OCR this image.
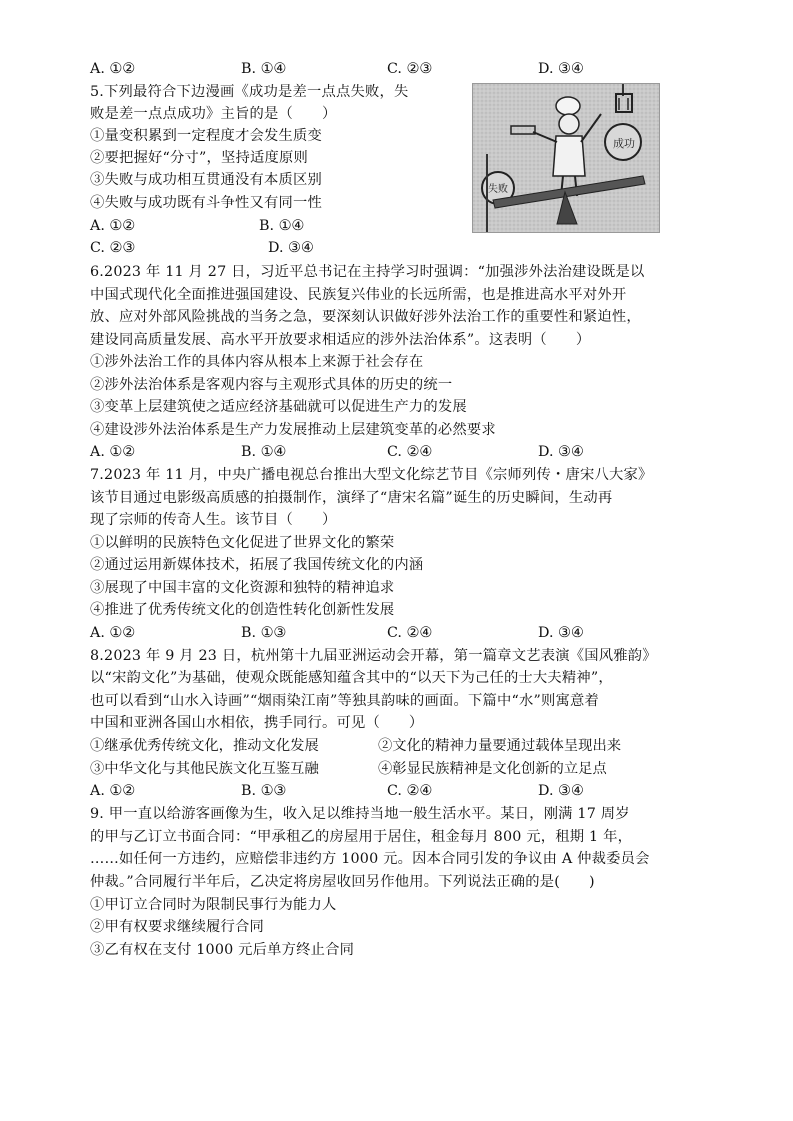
A. ①②	B. ①④	C. ②③	D. ③④
5.下列最符合下边漫画《成功是差一点点失败，失
败是差一点点成功》主旨的是（　　）
①量变积累到一定程度才会发生质变
②要把握好“分寸”，坚持适度原则
③失败与成功相互贯通没有本质区别
④失败与成功既有斗争性又有同一性
A. ①②	B. ①④
C. ②③	D. ③④
成功
失败
6.2023 年 11 月 27 日，习近平总书记在主持学习时强调：“加强涉外法治建设既是以
中国式现代化全面推进强国建设、民族复兴伟业的长远所需，也是推进高水平对外开
放、应对外部风险挑战的当务之急，要深刻认识做好涉外法治工作的重要性和紧迫性，
建设同高质量发展、高水平开放要求相适应的涉外法治体系”。这表明（　　）
①涉外法治工作的具体内容从根本上来源于社会存在
②涉外法治体系是客观内容与主观形式具体的历史的统一
③变革上层建筑使之适应经济基础就可以促进生产力的发展
④建设涉外法治体系是生产力发展推动上层建筑变革的必然要求
A. ①②	B. ①④	C. ②④	D. ③④
7.2023 年 11 月，中央广播电视总台推出大型文化综艺节目《宗师列传・唐宋八大家》
该节目通过电影级高质感的拍摄制作，演绎了“唐宋名篇”诞生的历史瞬间，生动再
现了宗师的传奇人生。该节目（　　）
①以鲜明的民族特色文化促进了世界文化的繁荣
②通过运用新媒体技术，拓展了我国传统文化的内涵
③展现了中国丰富的文化资源和独特的精神追求
④推进了优秀传统文化的创造性转化创新性发展
A. ①②	B. ①③	C. ②④	D. ③④
8.2023 年 9 月 23 日，杭州第十九届亚洲运动会开幕，第一篇章文艺表演《国风雅韵》
以“宋韵文化”为基础，使观众既能感知蕴含其中的“以天下为己任的士大夫精神”，
也可以看到“山水入诗画”“烟雨染江南”等独具韵味的画面。下篇中“水”则寓意着
中国和亚洲各国山水相依，携手同行。可见（　　）
①继承优秀传统文化，推动文化发展	②文化的精神力量要通过载体呈现出来
③中华文化与其他民族文化互鉴互融	④彰显民族精神是文化创新的立足点
A. ①②	B. ①③	C. ②④	D. ③④
9. 甲一直以给游客画像为生，收入足以维持当地一般生活水平。某日，刚满 17 周岁
的甲与乙订立书面合同：“甲承租乙的房屋用于居住，租金每月 800 元，租期 1 年，
……如任何一方违约，应赔偿非违约方 1000 元。因本合同引发的争议由 A 仲裁委员会
仲裁。”合同履行半年后，乙决定将房屋收回另作他用。下列说法正确的是(　　)
①甲订立合同时为限制民事行为能力人
②甲有权要求继续履行合同
③乙有权在支付 1000 元后单方终止合同
